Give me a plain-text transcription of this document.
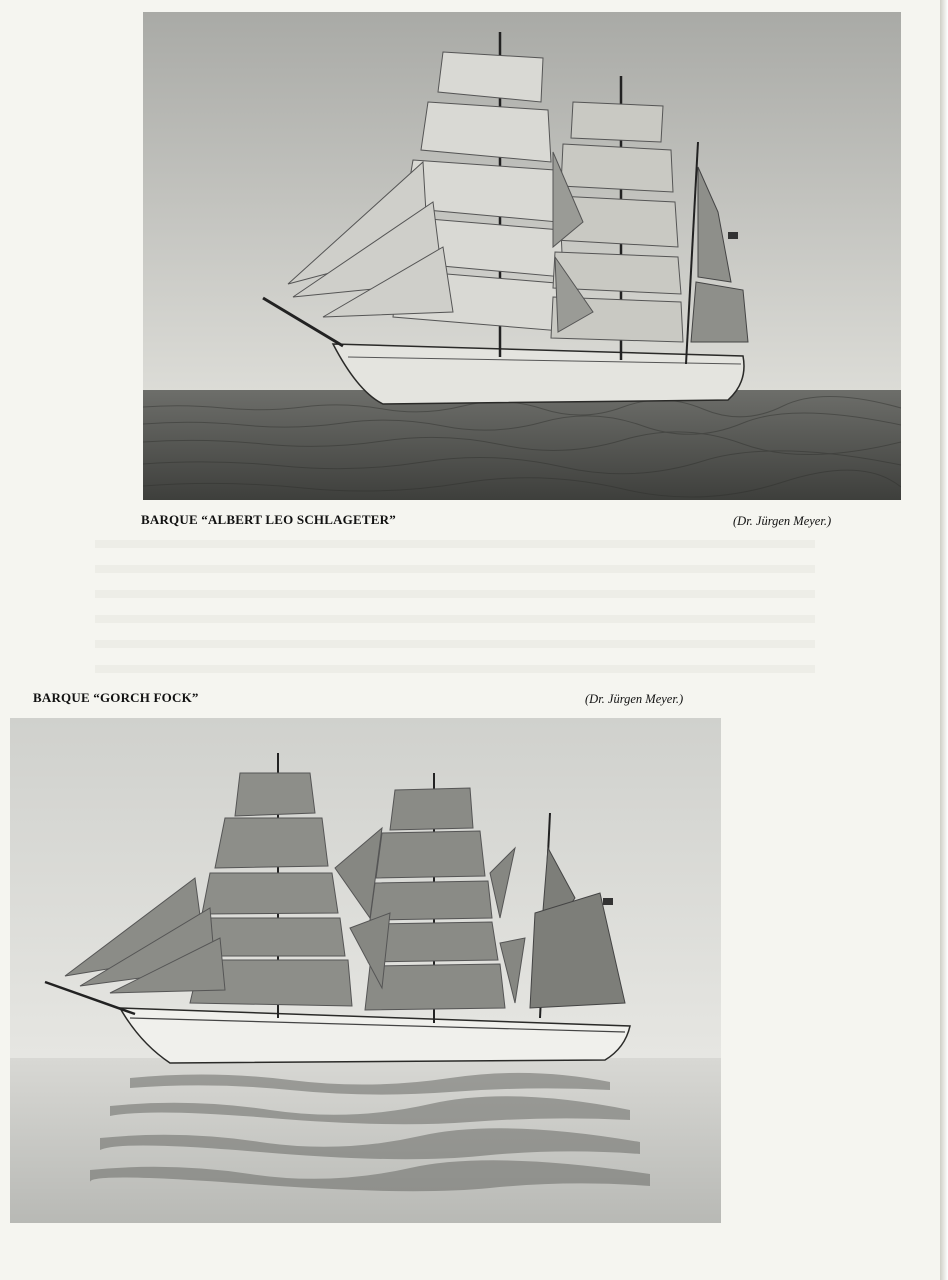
BARQUE “ALBERT LEO SCHLAGETER”	(Dr. Jürgen Meyer.)
BARQUE “GORCH FOCK”	(Dr. Jürgen Meyer.)
